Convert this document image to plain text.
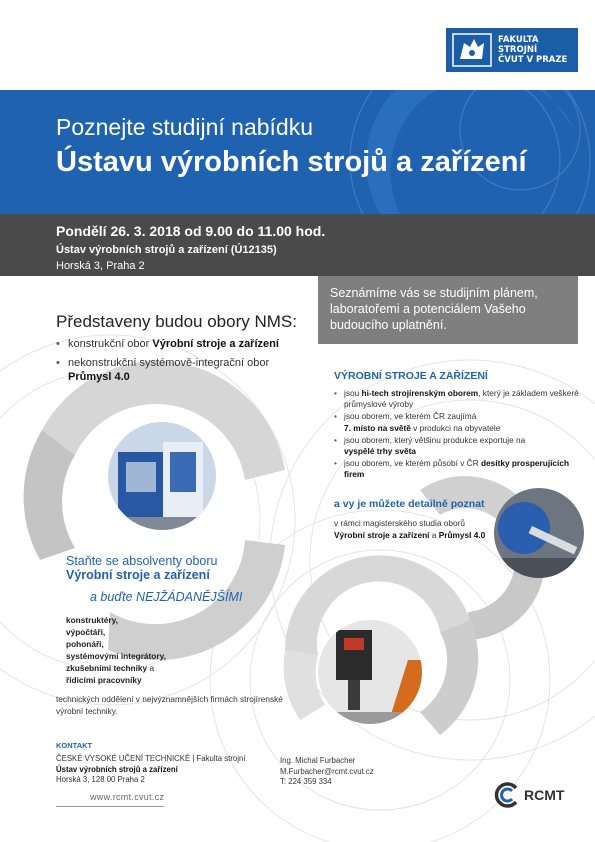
FAKULTA
STROJNÍ
ČVUT V PRAZE
Poznejte studijní nabídku
Ústavu výrobních strojů a zařízení
Pondělí 26. 3. 2018 od 9.00 do 11.00 hod.
Ústav výrobních strojů a zařízení (Ú12135)
Horská 3, Praha 2

Seznámíme vás se studijním plánem, laboratořemi a potenciálem Vašeho budoucího uplatnění.

Představeny budou obory NMS:
• konstrukční obor Výrobní stroje a zařízení
• nekonstrukční systémově-integrační obor
Průmysl 4.0	VÝROBNÍ STROJE A ZAŘÍZENÍ
• jsou hi-tech strojírenským oborem, který je základem veškeré průmyslové výroby
• jsou oborem, ve kterém ČR zaujímá
7. místo na světě v produkci na obyvatele
• jsou oborem, který většinu produkce exportuje na
vyspělé trhy světa
• jsou oborem, ve kterém působí v ČR desítky prosperujících firem
a vy je můžete detailně poznat
v rámci magisterského studia oborů
Výrobní stroje a zařízení a Průmysl 4.0
Staňte se absolventy oboru
Výrobní stroje a zařízení
a buďte NEJŽÁDANĚJŠÍMI
konstruktéry,
výpočtáři,
pohonáři,
systémovými integrátory,
zkušebními techniky a
řídicími pracovníky
technických oddělení v nejvýznamnějších firmách strojírenské výrobní techniky.
KONTAKT
ČESKÉ VYSOKÉ UČENÍ TECHNICKÉ | Fakulta strojní
Ústav výrobních strojů a zařízení
Horská 3, 128 00 Praha 2
Ing. Michal Furbacher
M.Furbacher@rcmt.cvut.cz
T: 224 359 334
www.rcmt.cvut.cz	RCMT
